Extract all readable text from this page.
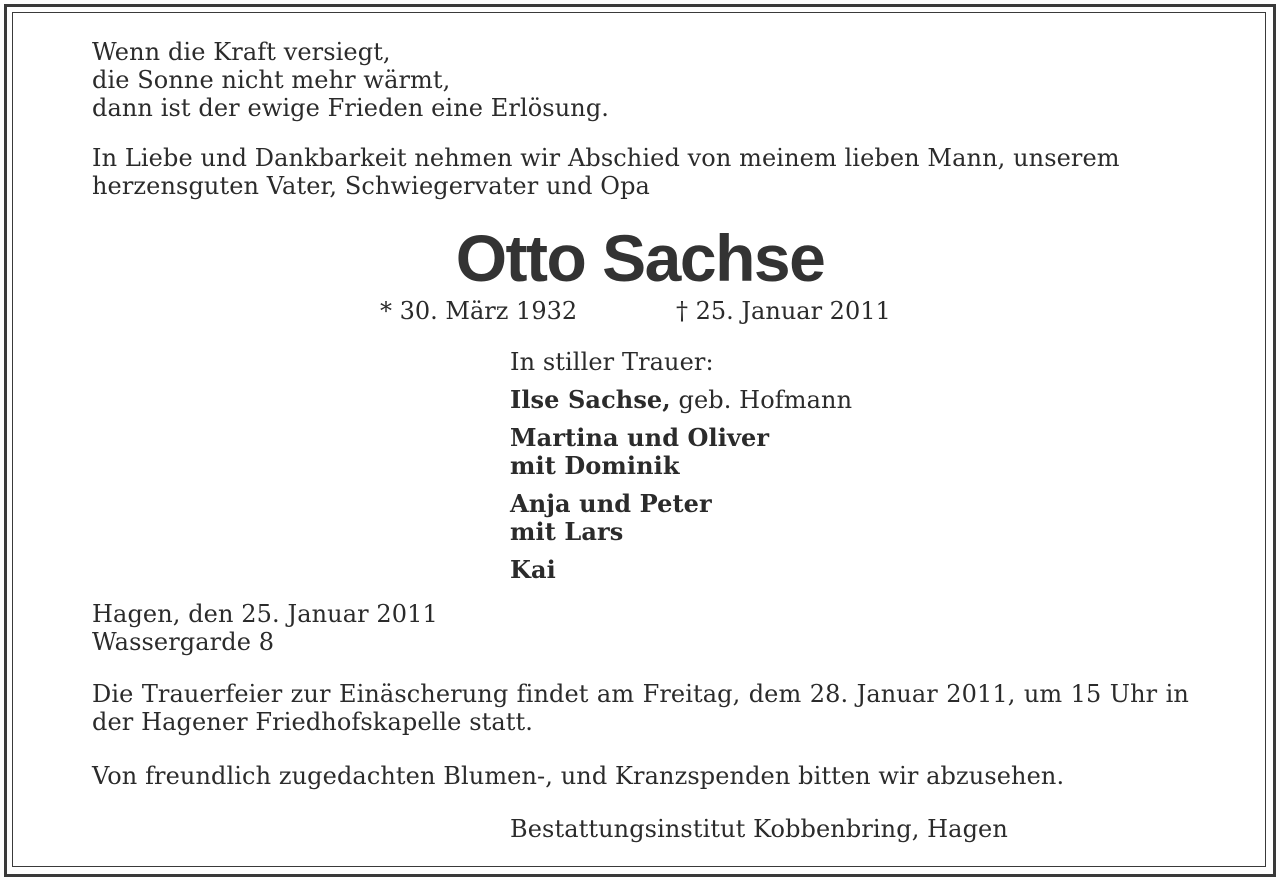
Wenn die Kraft versiegt,
die Sonne nicht mehr wärmt,
dann ist der ewige Frieden eine Erlösung.
In Liebe und Dankbarkeit nehmen wir Abschied von meinem lieben Mann, unserem
herzensguten Vater, Schwiegervater und Opa
Otto Sachse
* 30. März 1932	† 25. Januar 2011
In stiller Trauer:
Ilse Sachse, geb. Hofmann
Martina und Oliver
mit Dominik
Anja und Peter
mit Lars
Kai
Hagen, den 25. Januar 2011
Wassergarde 8
Die Trauerfeier zur Einäscherung findet am Freitag, dem 28. Januar 2011, um 15 Uhr in der Hagener Friedhofskapelle statt.
Von freundlich zugedachten Blumen-, und Kranzspenden bitten wir abzusehen.
Bestattungsinstitut Kobbenbring, Hagen
